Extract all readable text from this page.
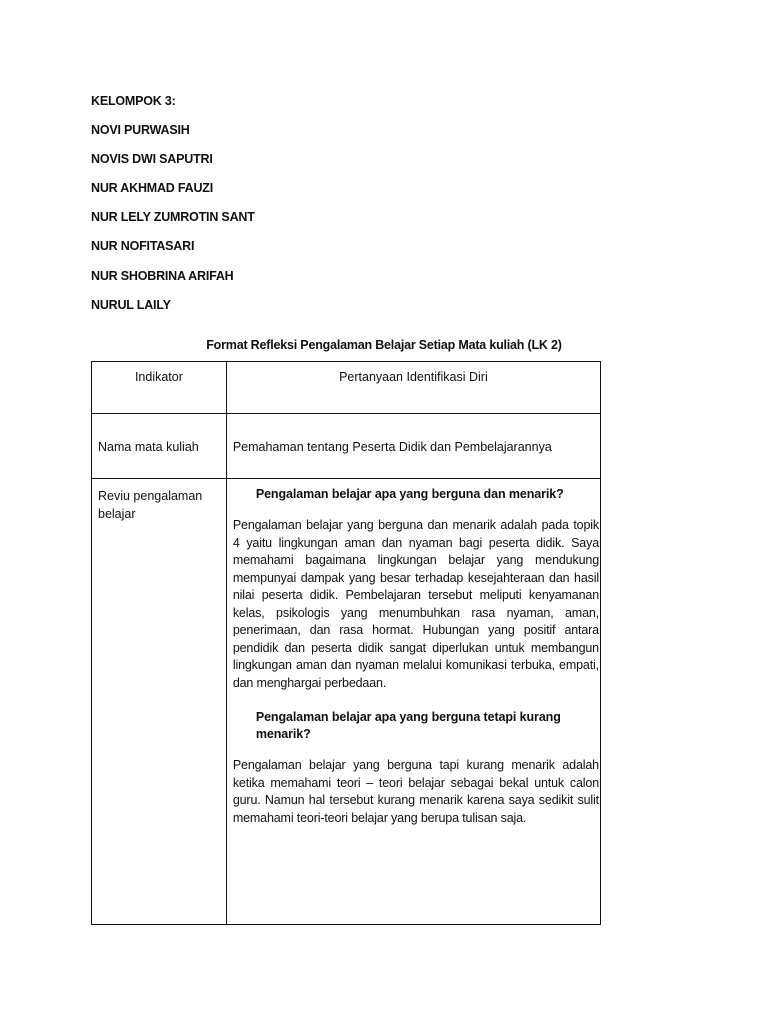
KELOMPOK 3:
NOVI PURWASIH
NOVIS DWI SAPUTRI
NUR AKHMAD FAUZI
NUR LELY ZUMROTIN SANT
NUR NOFITASARI
NUR SHOBRINA ARIFAH
NURUL LAILY
Format Refleksi Pengalaman Belajar Setiap Mata kuliah (LK 2)
Indikator	Pertanyaan Identifikasi Diri

Nama mata kuliah	Pemahaman tentang Peserta Didik dan Pembelajarannya

Reviu pengalaman belajar	Pengalaman belajar apa yang berguna dan menarik?
Pengalaman belajar yang berguna dan menarik adalah pada topik 4 yaitu lingkungan aman dan nyaman bagi peserta didik. Saya memahami bagaimana lingkungan belajar yang mendukung mempunyai dampak yang besar terhadap kesejahteraan dan hasil nilai peserta didik. Pembelajaran tersebut meliputi kenyamanan kelas, psikologis yang menumbuhkan rasa nyaman, aman, penerimaan, dan rasa hormat. Hubungan yang positif antara pendidik dan peserta didik sangat diperlukan untuk membangun lingkungan aman dan nyaman melalui komunikasi terbuka, empati, dan menghargai perbedaan.
Pengalaman belajar apa yang berguna tetapi kurang menarik?
Pengalaman belajar yang berguna tapi kurang menarik adalah ketika memahami teori – teori belajar sebagai bekal untuk calon guru. Namun hal tersebut kurang menarik karena saya sedikit sulit memahami teori-teori belajar yang berupa tulisan saja.
